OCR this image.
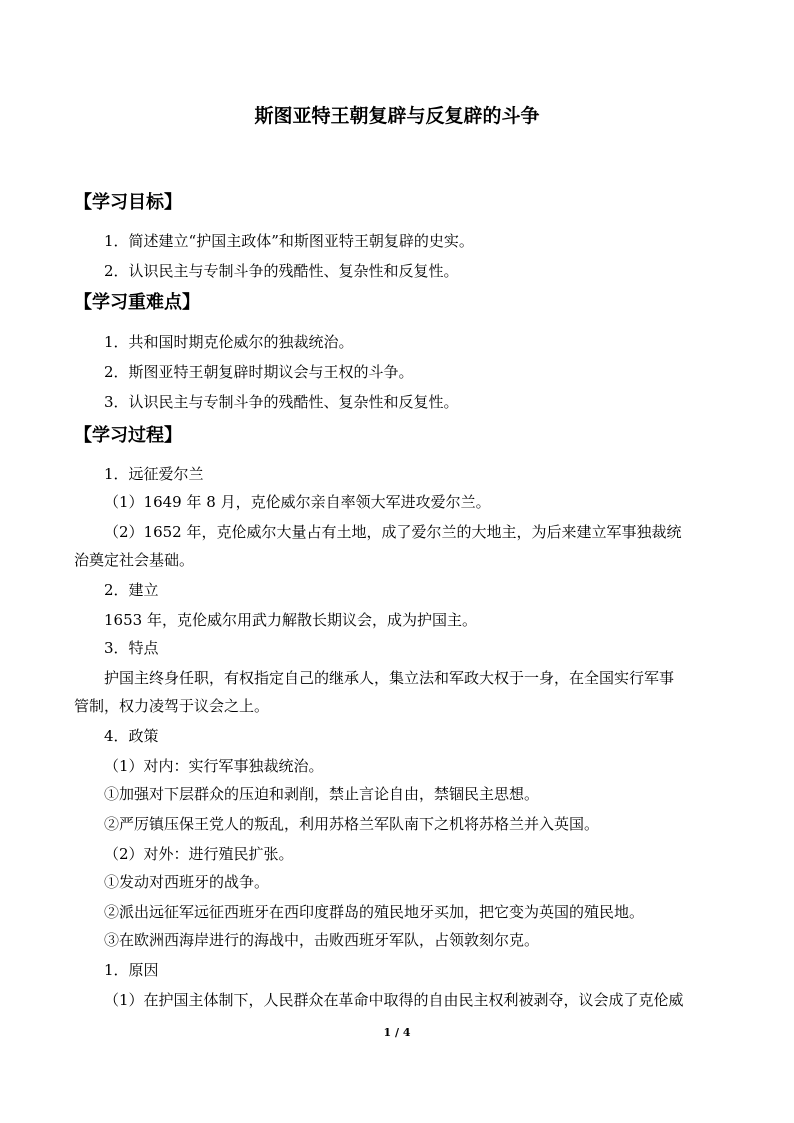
斯图亚特王朝复辟与反复辟的斗争
【学习目标】
1．简述建立“护国主政体”和斯图亚特王朝复辟的史实。
2．认识民主与专制斗争的残酷性、复杂性和反复性。
【学习重难点】
1．共和国时期克伦威尔的独裁统治。
2．斯图亚特王朝复辟时期议会与王权的斗争。
3．认识民主与专制斗争的残酷性、复杂性和反复性。
【学习过程】
1．远征爱尔兰
（1）1649 年 8 月，克伦威尔亲自率领大军进攻爱尔兰。
（2）1652 年，克伦威尔大量占有土地，成了爱尔兰的大地主，为后来建立军事独裁统
治奠定社会基础。
2．建立
1653 年，克伦威尔用武力解散长期议会，成为护国主。
3．特点
护国主终身任职，有权指定自己的继承人，集立法和军政大权于一身，在全国实行军事
管制，权力凌驾于议会之上。
4．政策
（1）对内：实行军事独裁统治。
①加强对下层群众的压迫和剥削，禁止言论自由，禁锢民主思想。
②严厉镇压保王党人的叛乱，利用苏格兰军队南下之机将苏格兰并入英国。
（2）对外：进行殖民扩张。
①发动对西班牙的战争。
②派出远征军远征西班牙在西印度群岛的殖民地牙买加，把它变为英国的殖民地。
③在欧洲西海岸进行的海战中，击败西班牙军队，占领敦刻尔克。
1．原因
（1）在护国主体制下，人民群众在革命中取得的自由民主权利被剥夺，议会成了克伦威
1 / 4
